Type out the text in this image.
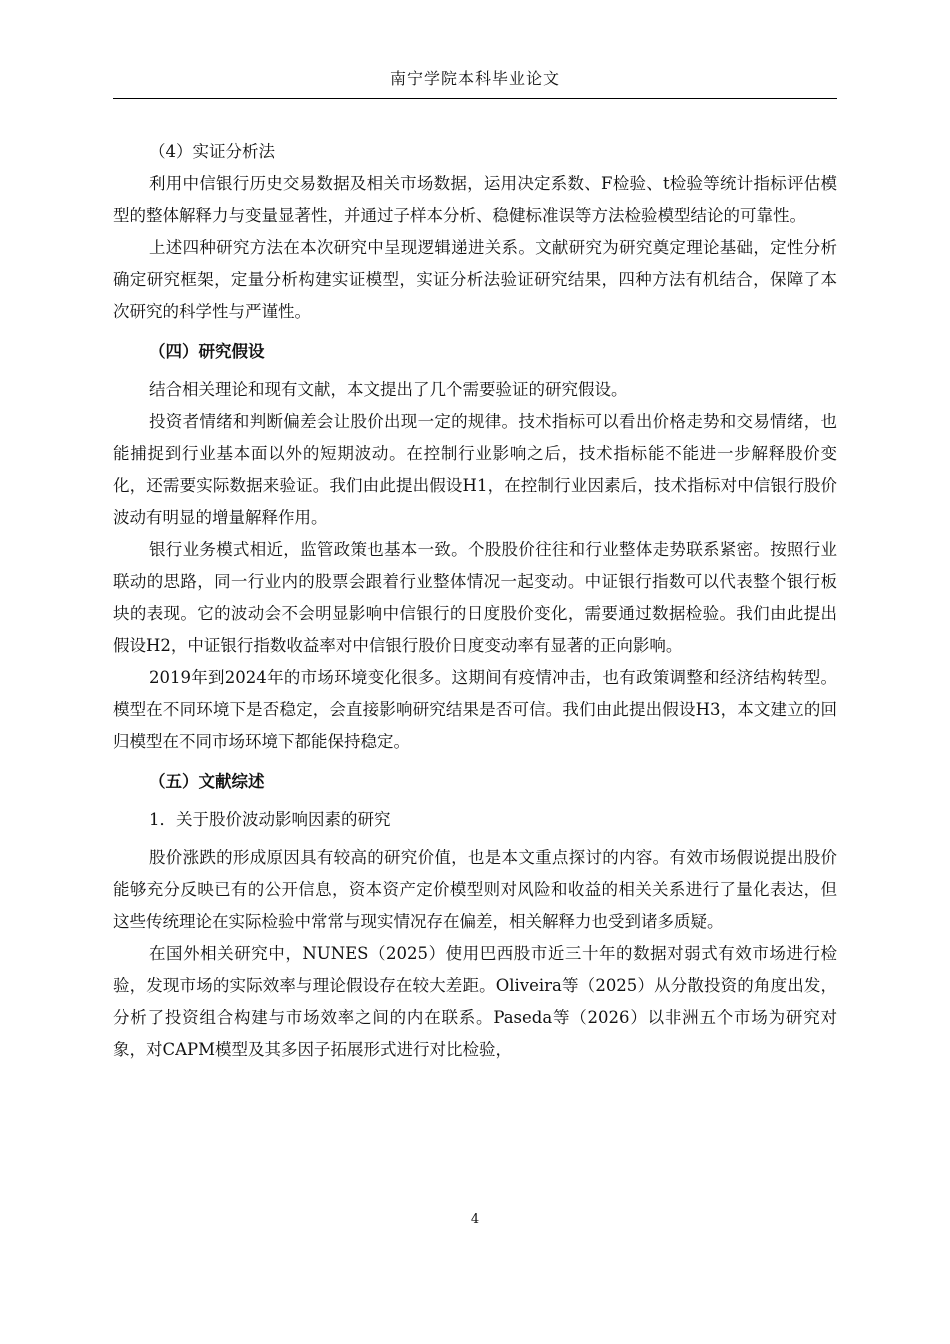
南宁学院本科毕业论文

（4）实证分析法

利用中信银行历史交易数据及相关市场数据，运用决定系数、F检验、t检验等统计指标评估模型的整体解释力与变量显著性，并通过子样本分析、稳健标准误等方法检验模型结论的可靠性。

上述四种研究方法在本次研究中呈现逻辑递进关系。文献研究为研究奠定理论基础，定性分析确定研究框架，定量分析构建实证模型，实证分析法验证研究结果，四种方法有机结合，保障了本次研究的科学性与严谨性。

（四）研究假设

结合相关理论和现有文献，本文提出了几个需要验证的研究假设。

投资者情绪和判断偏差会让股价出现一定的规律。技术指标可以看出价格走势和交易情绪，也能捕捉到行业基本面以外的短期波动。在控制行业影响之后，技术指标能不能进一步解释股价变化，还需要实际数据来验证。我们由此提出假设H1，在控制行业因素后，技术指标对中信银行股价波动有明显的增量解释作用。

银行业务模式相近，监管政策也基本一致。个股股价往往和行业整体走势联系紧密。按照行业联动的思路，同一行业内的股票会跟着行业整体情况一起变动。中证银行指数可以代表整个银行板块的表现。它的波动会不会明显影响中信银行的日度股价变化，需要通过数据检验。我们由此提出假设H2，中证银行指数收益率对中信银行股价日度变动率有显著的正向影响。

2019年到2024年的市场环境变化很多。这期间有疫情冲击，也有政策调整和经济结构转型。模型在不同环境下是否稳定，会直接影响研究结果是否可信。我们由此提出假设H3，本文建立的回归模型在不同市场环境下都能保持稳定。

（五）文献综述

1．关于股价波动影响因素的研究

股价涨跌的形成原因具有较高的研究价值，也是本文重点探讨的内容。有效市场假说提出股价能够充分反映已有的公开信息，资本资产定价模型则对风险和收益的相关关系进行了量化表达，但这些传统理论在实际检验中常常与现实情况存在偏差，相关解释力也受到诸多质疑。

在国外相关研究中，NUNES（2025）使用巴西股市近三十年的数据对弱式有效市场进行检验，发现市场的实际效率与理论假设存在较大差距。Oliveira等（2025）从分散投资的角度出发，分析了投资组合构建与市场效率之间的内在联系。Paseda等（2026）以非洲五个市场为研究对象，对CAPM模型及其多因子拓展形式进行对比检验，

4
